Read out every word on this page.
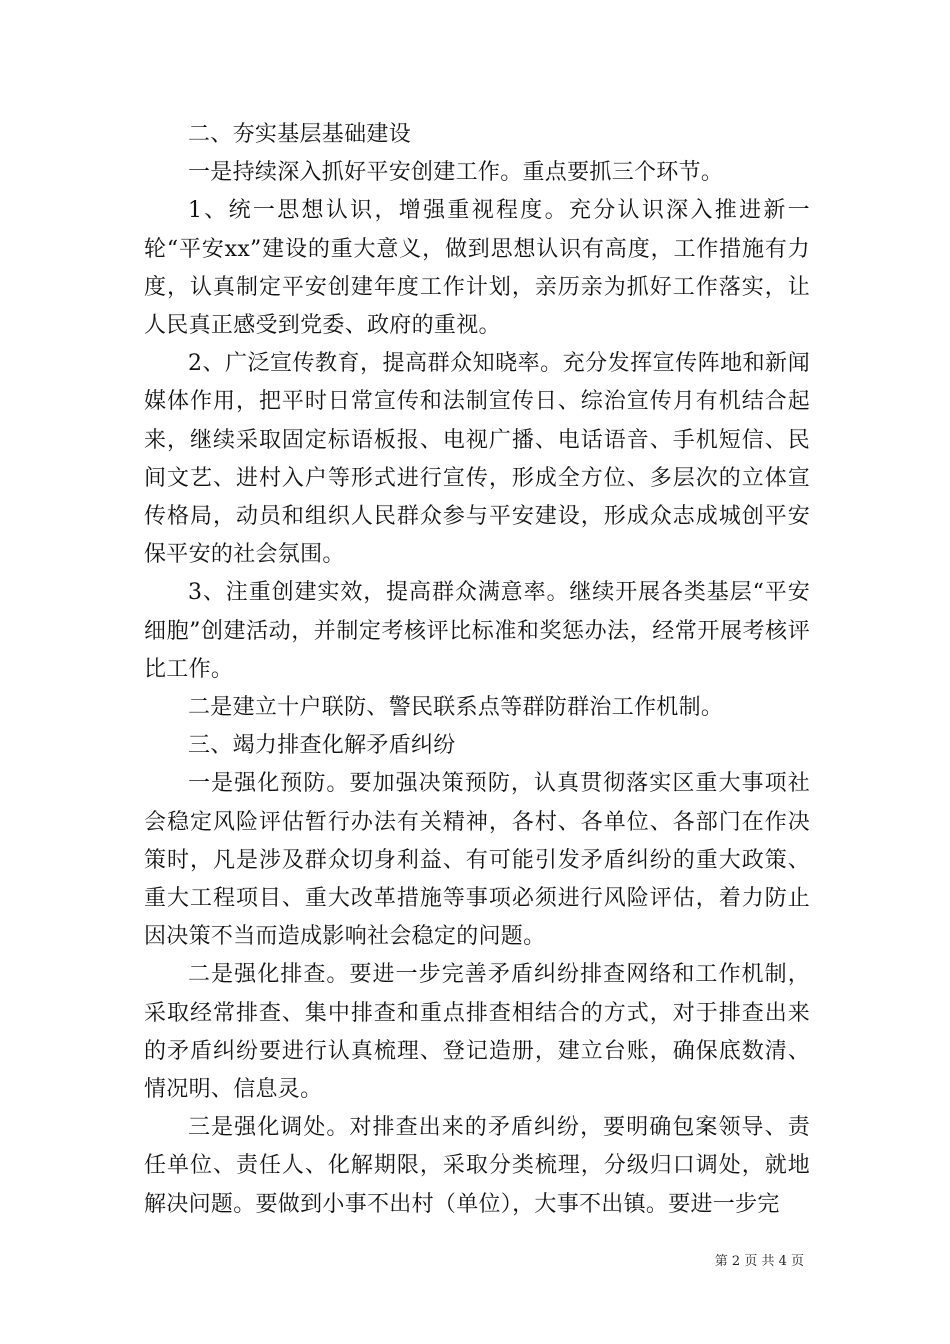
二、夯实基层基础建设

一是持续深入抓好平安创建工作。重点要抓三个环节。

1、统一思想认识，增强重视程度。充分认识深入推进新一轮“平安xx”建设的重大意义，做到思想认识有高度，工作措施有力度，认真制定平安创建年度工作计划，亲历亲为抓好工作落实，让人民真正感受到党委、政府的重视。

2、广泛宣传教育，提高群众知晓率。充分发挥宣传阵地和新闻媒体作用，把平时日常宣传和法制宣传日、综治宣传月有机结合起来，继续采取固定标语板报、电视广播、电话语音、手机短信、民间文艺、进村入户等形式进行宣传，形成全方位、多层次的立体宣传格局，动员和组织人民群众参与平安建设，形成众志成城创平安保平安的社会氛围。

3、注重创建实效，提高群众满意率。继续开展各类基层“平安细胞”创建活动，并制定考核评比标准和奖惩办法，经常开展考核评比工作。

二是建立十户联防、警民联系点等群防群治工作机制。

三、竭力排查化解矛盾纠纷

一是强化预防。要加强决策预防，认真贯彻落实区重大事项社会稳定风险评估暂行办法有关精神，各村、各单位、各部门在作决策时，凡是涉及群众切身利益、有可能引发矛盾纠纷的重大政策、重大工程项目、重大改革措施等事项必须进行风险评估，着力防止因决策不当而造成影响社会稳定的问题。

二是强化排查。要进一步完善矛盾纠纷排查网络和工作机制，采取经常排查、集中排查和重点排查相结合的方式，对于排查出来的矛盾纠纷要进行认真梳理、登记造册，建立台账，确保底数清、情况明、信息灵。

三是强化调处。对排查出来的矛盾纠纷，要明确包案领导、责任单位、责任人、化解期限，采取分类梳理，分级归口调处，就地解决问题。要做到小事不出村（单位），大事不出镇。要进一步完

第 2 页 共 4 页
